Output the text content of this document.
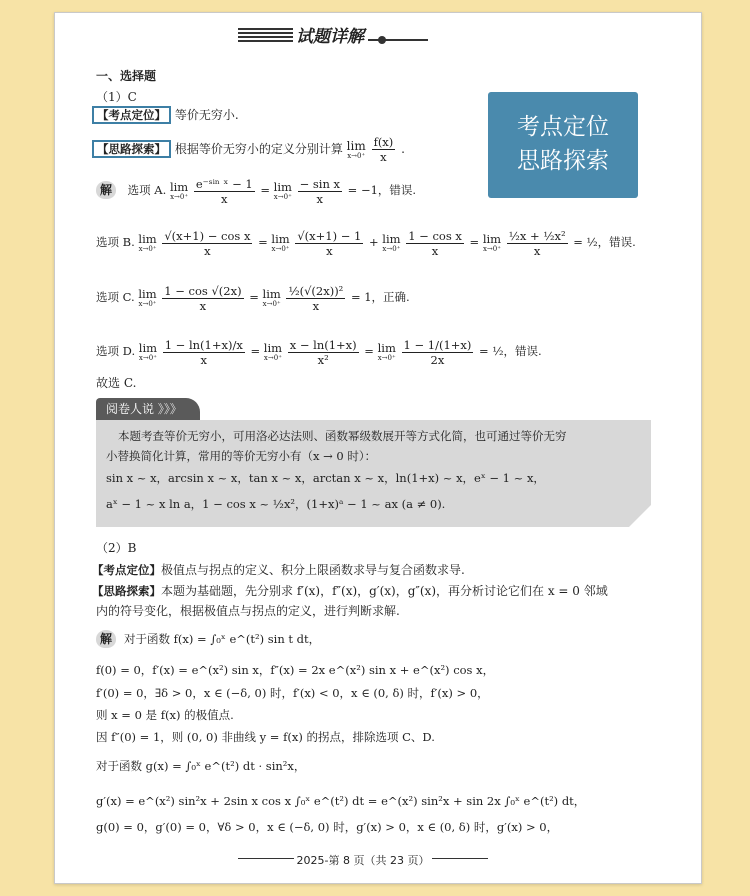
试题详解
考点定位
思路探索
一、选择题
（1）C
【考点定位】 等价无穷小.
【思路探索】 根据等价无穷小的定义分别计算 lim
x→0⁺
$\frac{f(x)}{x}$ .
解 选项 A. lim
x→0⁺
$\frac{\text{e⁻ˢⁱⁿ ˣ − 1}}{x} = \lim$
x→0⁺
$\frac{\text{− sin x}}{x} = -1$，错误.
选项 B. lim
x→0⁺
$\frac{\text{√(x+1) − cos x}}{x} = \lim$
x→0⁺
$\frac{√(x+1) - 1}{x} + \lim$
x→0⁺
$\frac{\text{1 − cos x}}{x} = \lim$
x→0⁺
$\frac{\text{½x + ½x²}}{x}$ = ½，错误.
选项 C. lim
x→0⁺
$\frac{1 - \cos √(2x)}{x} = \lim$
x→0⁺
$\frac{\text{½(√(2x))²}}{x} = 1$，正确.
选项 D. lim
x→0⁺
$\frac{1 - \ln(1+x)/x}{x} = \lim$
x→0⁺
$\frac{x - \ln(1+x)}{\text{x²}} = \lim$
x→0⁺
$\frac{1 - 1/(1+x)}{2x}$ = ½，错误.
故选 C.
阅卷人说 》》》
本题考查等价无穷小，可用洛必达法则、函数幂级数展开等方式化简，也可通过等价无穷
小替换简化计算，常用的等价无穷小有（x → 0 时）：
sin x ~ x，arcsin x ~ x，tan x ~ x，arctan x ~ x，ln(1+x) ~ x，eˣ − 1 ~ x，
aˣ − 1 ~ x ln a，1 − cos x ~ ½x²，(1+x)ᵃ − 1 ~ ax (a ≠ 0).
（2）B
【考点定位】极值点与拐点的定义、积分上限函数求导与复合函数求导.
【思路探索】本题为基础题，先分别求 f′(x)，f″(x)，g′(x)，g″(x)，再分析讨论它们在 x = 0 邻域
内的符号变化，根据极值点与拐点的定义，进行判断求解.
解 对于函数 f(x) = ∫₀ˣ e^(t²) sin t dt，
f(0) = 0，f′(x) = e^(x²) sin x，f″(x) = 2x e^(x²) sin x + e^(x²) cos x，
f′(0) = 0，∃δ > 0，x ∈ (−δ, 0) 时，f′(x) < 0，x ∈ (0, δ) 时，f′(x) > 0，
则 x = 0 是 f(x) 的极值点.
因 f″(0) = 1，则 (0, 0) 非曲线 y = f(x) 的拐点，排除选项 C、D.
对于函数 g(x) = ∫₀ˣ e^(t²) dt · sin²x，
g′(x) = e^(x²) sin²x + 2sin x cos x ∫₀ˣ e^(t²) dt = e^(x²) sin²x + sin 2x ∫₀ˣ e^(t²) dt，
g(0) = 0，g′(0) = 0，∀δ > 0，x ∈ (−δ, 0) 时，g′(x) > 0，x ∈ (0, δ) 时，g′(x) > 0，
2025-第 8 页（共 23 页）
